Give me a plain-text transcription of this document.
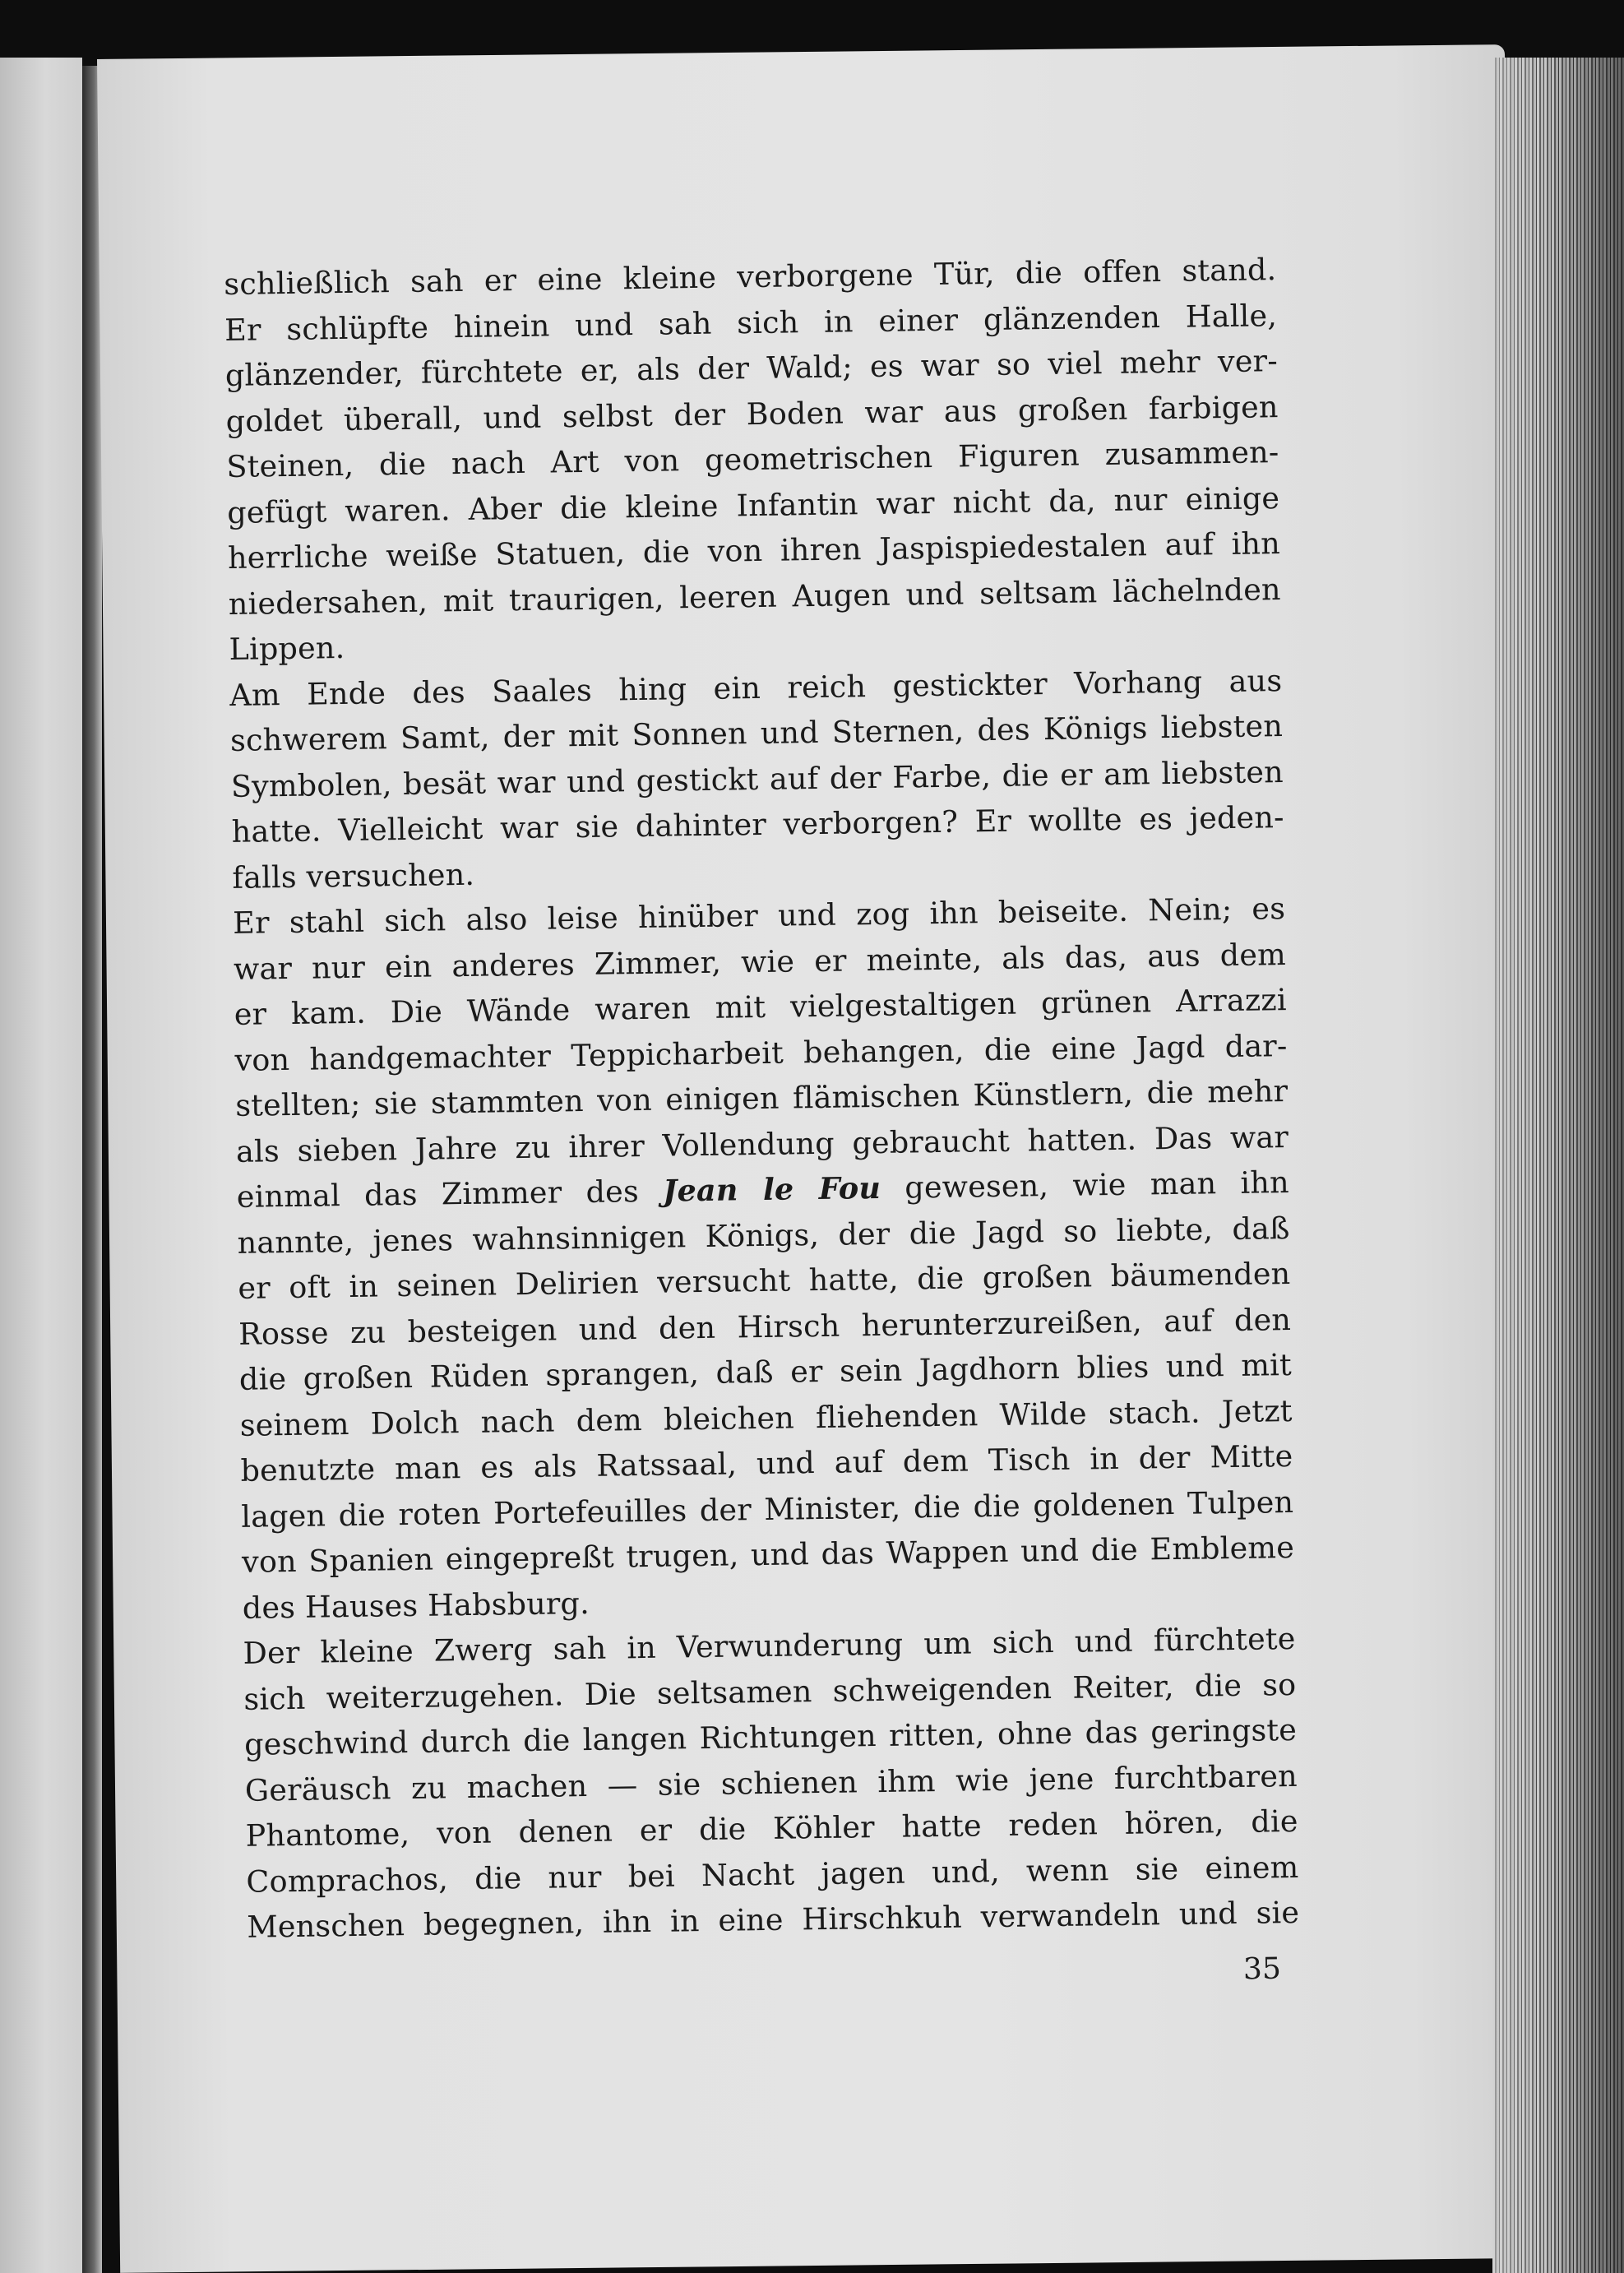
schließlich sah er eine kleine verborgene Tür, die offen stand.
Er schlüpfte hinein und sah sich in einer glänzenden Halle,
glänzender, fürchtete er, als der Wald; es war so viel mehr ver-
goldet überall, und selbst der Boden war aus großen farbigen
Steinen, die nach Art von geometrischen Figuren zusammen-
gefügt waren. Aber die kleine Infantin war nicht da, nur einige
herrliche weiße Statuen, die von ihren Jaspispiedestalen auf ihn
niedersahen, mit traurigen, leeren Augen und seltsam lächelnden
Lippen.
Am Ende des Saales hing ein reich gestickter Vorhang aus
schwerem Samt, der mit Sonnen und Sternen, des Königs liebsten
Symbolen, besät war und gestickt auf der Farbe, die er am liebsten
hatte. Vielleicht war sie dahinter verborgen? Er wollte es jeden-
falls versuchen.
Er stahl sich also leise hinüber und zog ihn beiseite. Nein; es
war nur ein anderes Zimmer, wie er meinte, als das, aus dem
er kam. Die Wände waren mit vielgestaltigen grünen Arrazzi
von handgemachter Teppicharbeit behangen, die eine Jagd dar-
stellten; sie stammten von einigen flämischen Künstlern, die mehr
als sieben Jahre zu ihrer Vollendung gebraucht hatten. Das war
einmal das Zimmer des Jean le Fou gewesen, wie man ihn
nannte, jenes wahnsinnigen Königs, der die Jagd so liebte, daß
er oft in seinen Delirien versucht hatte, die großen bäumenden
Rosse zu besteigen und den Hirsch herunterzureißen, auf den
die großen Rüden sprangen, daß er sein Jagdhorn blies und mit
seinem Dolch nach dem bleichen fliehenden Wilde stach. Jetzt
benutzte man es als Ratssaal, und auf dem Tisch in der Mitte
lagen die roten Portefeuilles der Minister, die die goldenen Tulpen
von Spanien eingepreßt trugen, und das Wappen und die Embleme
des Hauses Habsburg.
Der kleine Zwerg sah in Verwunderung um sich und fürchtete
sich weiterzugehen. Die seltsamen schweigenden Reiter, die so
geschwind durch die langen Richtungen ritten, ohne das geringste
Geräusch zu machen — sie schienen ihm wie jene furchtbaren
Phantome, von denen er die Köhler hatte reden hören, die
Comprachos, die nur bei Nacht jagen und, wenn sie einem
Menschen begegnen, ihn in eine Hirschkuh verwandeln und sie
35
